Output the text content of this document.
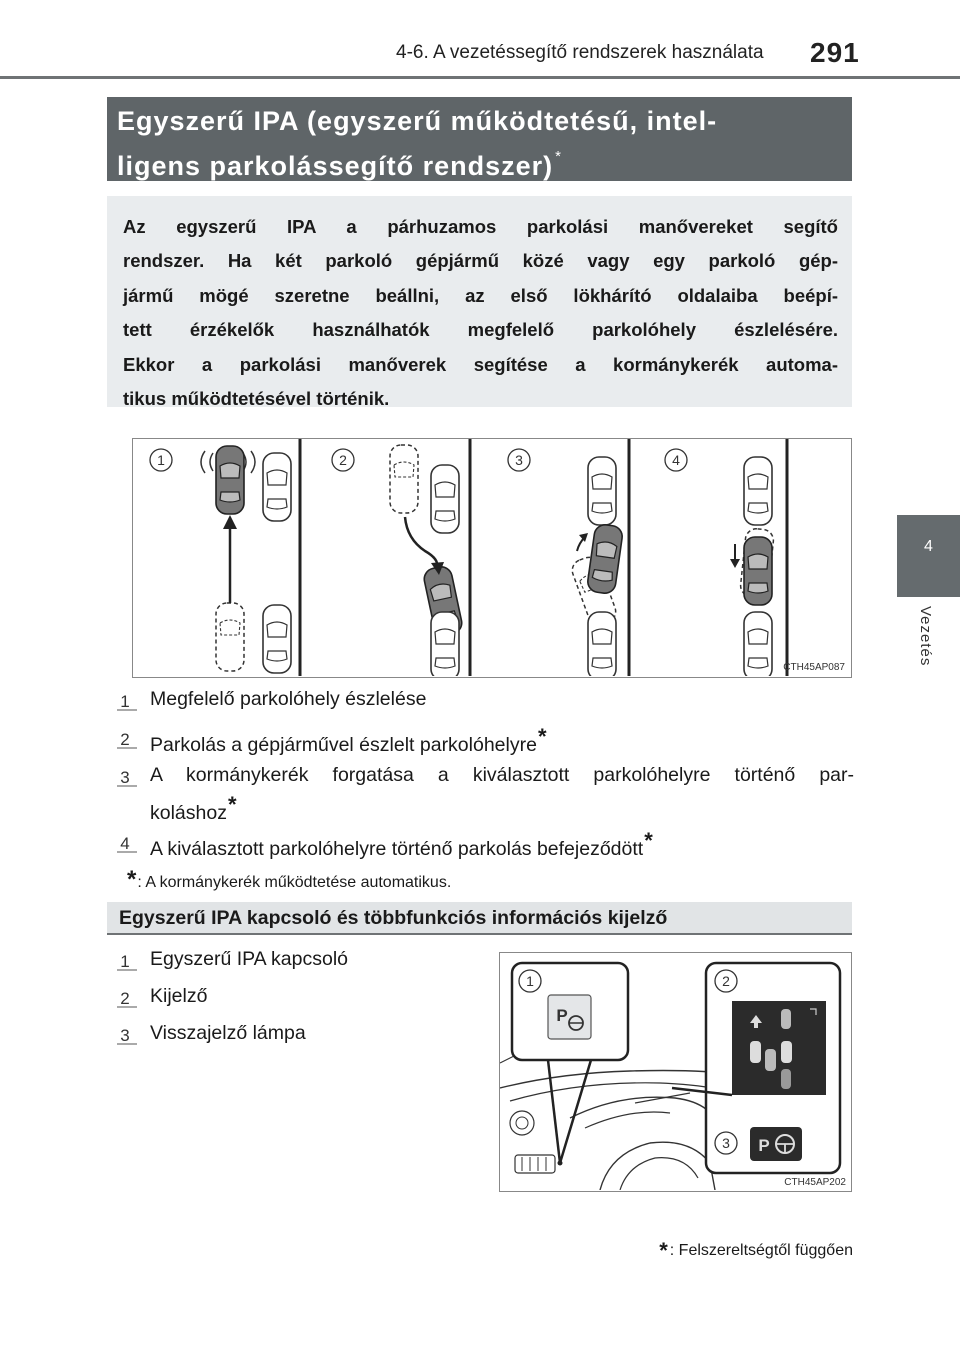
4-6. A vezetéssegítő rendszerek használata 291
4
Vezetés
Egyszerű IPA (egyszerű működtetésű, intel-
ligens parkolássegítő rendszer) *
Az egyszerű IPA a párhuzamos parkolási manővereket segítő
rendszer. Ha két parkoló gépjármű közé vagy egy parkoló gép-
jármű mögé szeretne beállni, az első lökhárító oldalaiba beépí-
tett érzékelők használhatók megfelelő parkolóhely észlelésére.
Ekkor a parkolási manőverek segítése a kormánykerék automa-
tikus működtetésével történik.
1	2	3	4
CTH45AP087
1 Megfelelő parkolóhely észlelése
2 Parkolás a gépjárművel észlelt parkolóhelyre*
3 A kormánykerék forgatása a kiválasztott parkolóhelyre történő par-
koláshoz*
4 A kiválasztott parkolóhelyre történő parkolás befejeződött*
*: A kormánykerék működtetése automatikus.
Egyszerű IPA kapcsoló és többfunkciós információs kijelző
1 Egyszerű IPA kapcsoló
2 Kijelző
3 Visszajelző lámpa
1
P
2
3 P
CTH45AP202
* : Felszereltségtől függően
